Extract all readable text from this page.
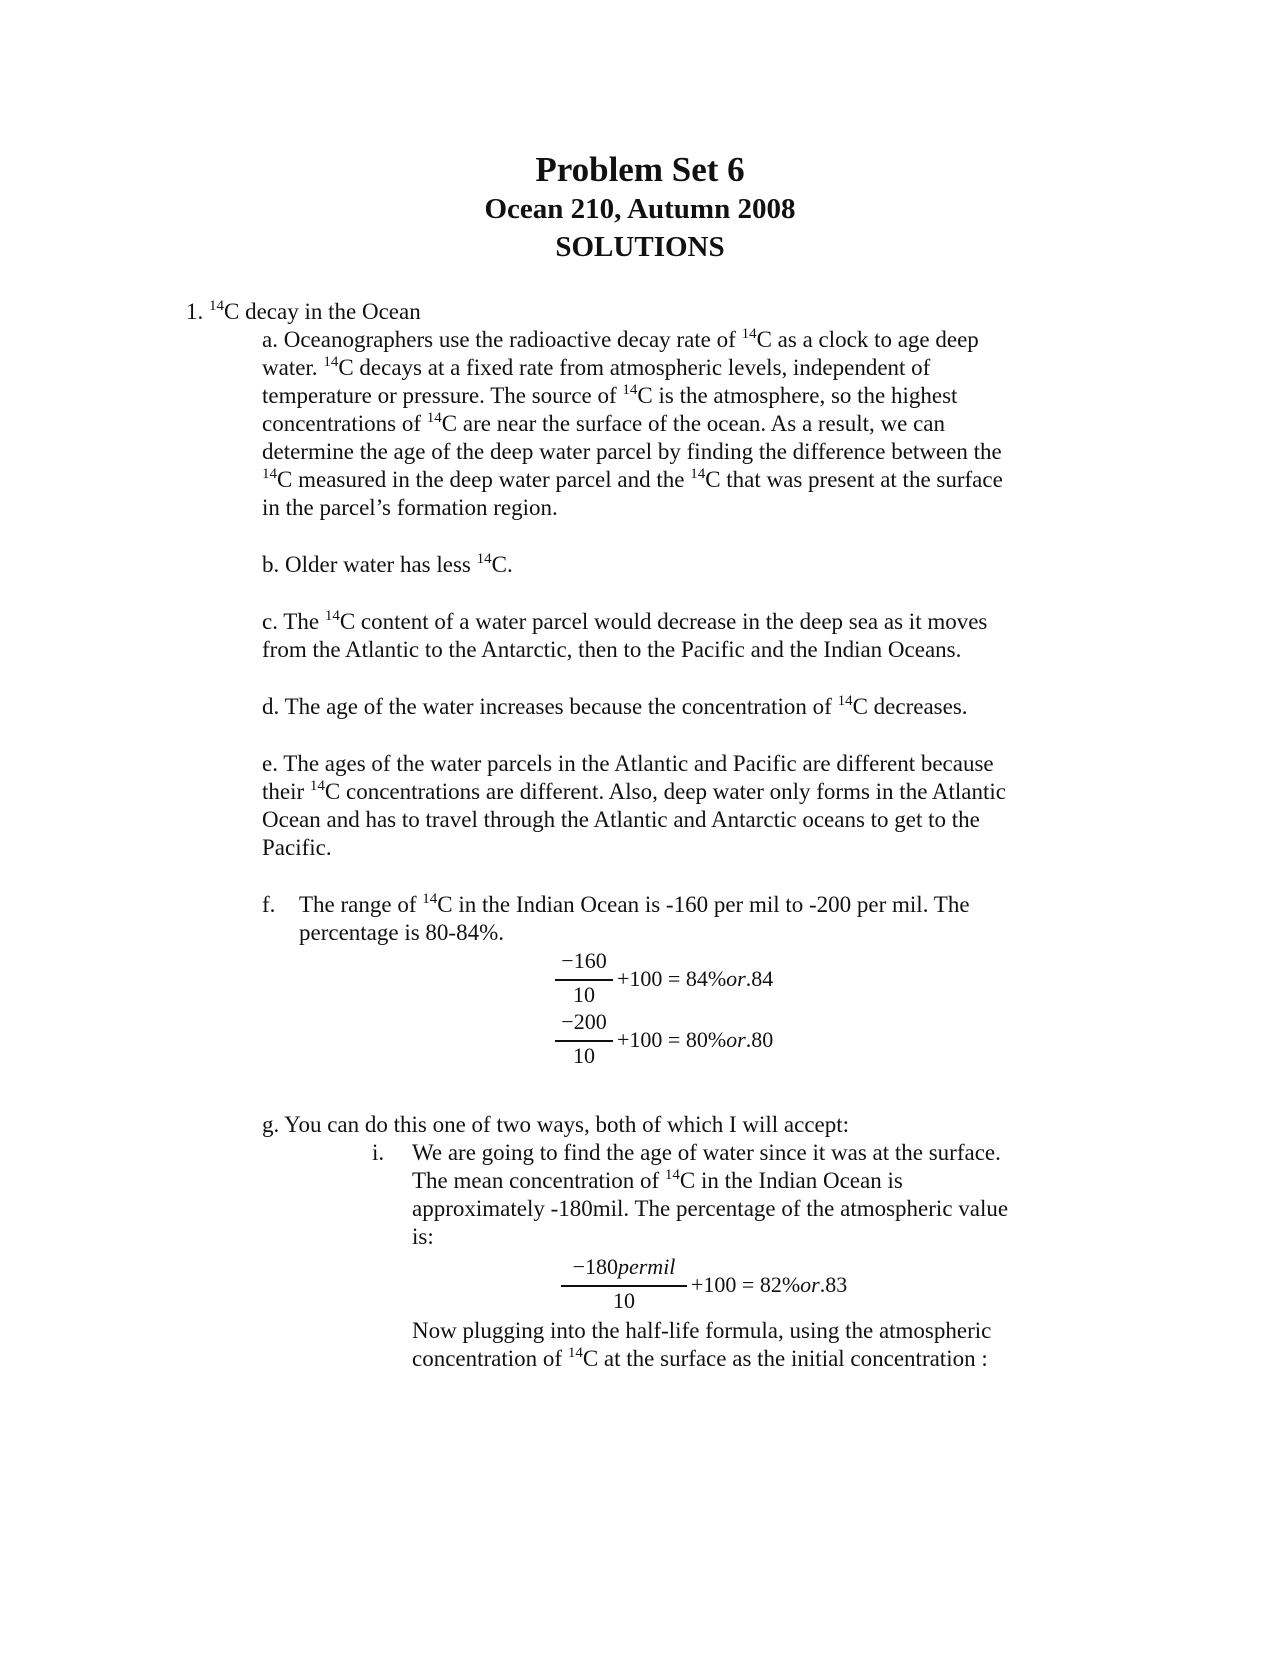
Problem Set 6
Ocean 210, Autumn 2008
SOLUTIONS
1. $^{14}$C decay in the Ocean
a. Oceanographers use the radioactive decay rate of $^{14}$C as a clock to age deep
water. $^{14}$C decays at a fixed rate from atmospheric levels, independent of
temperature or pressure. The source of $^{14}$C is the atmosphere, so the highest
concentrations of $^{14}$C are near the surface of the ocean. As a result, we can
determine the age of the deep water parcel by finding the difference between the
$^{14}$C measured in the deep water parcel and the $^{14}$C that was present at the surface
in the parcel’s formation region.
b. Older water has less $^{14}$C.
c. The $^{14}$C content of a water parcel would decrease in the deep sea as it moves
from the Atlantic to the Antarctic, then to the Pacific and the Indian Oceans.
d. The age of the water increases because the concentration of $^{14}$C decreases.
e. The ages of the water parcels in the Atlantic and Pacific are different because
their $^{14}$C concentrations are different. Also, deep water only forms in the Atlantic
Ocean and has to travel through the Atlantic and Antarctic oceans to get to the
Pacific.
f. The range of $^{14}$C in the Indian Ocean is -160 per mil to -200 per mil. The
percentage is 80-84%.
−160
10
+100 = 84%or.84
−200
10
+100 = 80%or.80
g. You can do this one of two ways, both of which I will accept:
i. We are going to find the age of water since it was at the surface.
The mean concentration of $^{14}$C in the Indian Ocean is
approximately -180mil. The percentage of the atmospheric value
is:
−180permil
10
+100 = 82%or.83
Now plugging into the half-life formula, using the atmospheric
concentration of $^{14}$C at the surface as the initial concentration :
